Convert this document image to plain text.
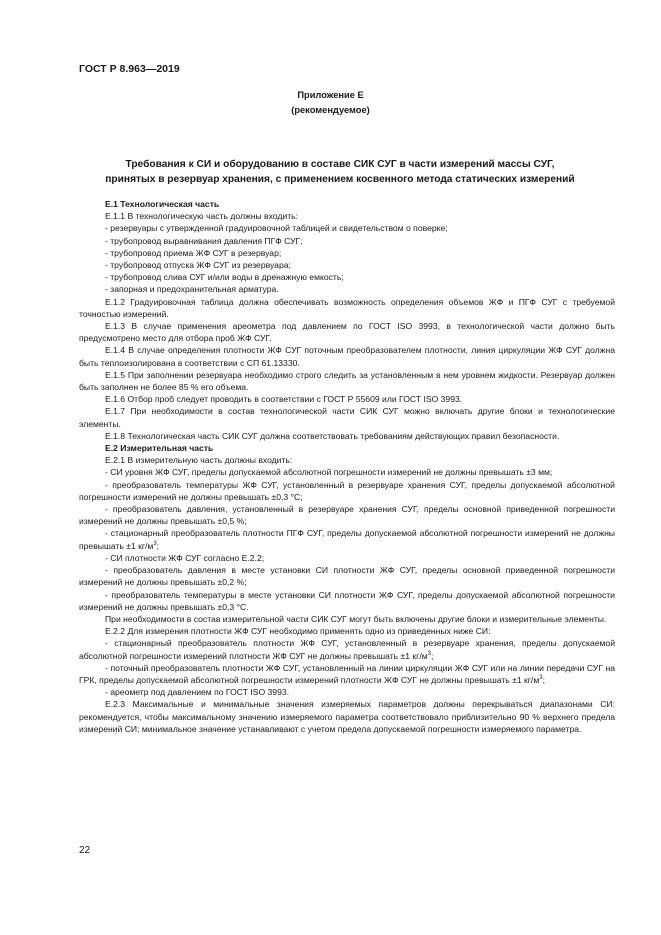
ГОСТ Р 8.963—2019
Приложение Е
(рекомендуемое)
Требования к СИ и оборудованию в составе СИК СУГ в части измерений массы СУГ,
принятых в резервуар хранения, с применением косвенного метода статических измерений

Е.1 Технологическая часть

Е.1.1 В технологическую часть должны входить:

- резервуары с утвержденной градуировочной таблицей и свидетельством о поверке;

- трубопровод выравнивания давления ПГФ СУГ;

- трубопровод приема ЖФ СУГ в резервуар;

- трубопровод отпуска ЖФ СУГ из резервуара;

- трубопровод слива СУГ и/или воды в дренажную емкость;

- запорная и предохранительная арматура.

Е.1.2 Градуировочная таблица должна обеспечивать возможность определения объемов ЖФ и ПГФ СУГ с требуемой точностью измерений.

Е.1.3 В случае применения ареометра под давлением по ГОСТ ISO 3993, в технологической части должно быть предусмотрено место для отбора проб ЖФ СУГ.

Е.1.4 В случае определения плотности ЖФ СУГ поточным преобразователем плотности, линия циркуляции ЖФ СУГ должна быть теплоизолирована в соответствии с СП 61.13330.

Е.1.5 При заполнении резервуара необходимо строго следить за установленным в нем уровнем жидкости. Резервуар должен быть заполнен не более 85 % его объема.

Е.1.6 Отбор проб следует проводить в соответствии с ГОСТ Р 55609 или ГОСТ ISO 3993.

Е.1.7 При необходимости в состав технологической части СИК СУГ можно включать другие блоки и технологические элементы.

Е.1.8 Технологическая часть СИК СУГ должна соответствовать требованиям действующих правил безопасности.

Е.2 Измерительная часть

Е.2.1 В измерительную часть должны входить:

- СИ уровня ЖФ СУГ, пределы допускаемой абсолютной погрешности измерений не должны превышать ±3 мм;

- преобразователь температуры ЖФ СУГ, установленный в резервуаре хранения СУГ, пределы допускаемой абсолютной погрешности измерений не должны превышать ±0,3 °С;

- преобразователь давления, установленный в резервуаре хранения СУГ, пределы основной приведенной погрешности измерений не должны превышать ±0,5 %;

- стационарный преобразователь плотности ПГФ СУГ, пределы допускаемой абсолютной погрешности измерений не должны превышать ±1 $кг/м^3$;

- СИ плотности ЖФ СУГ согласно Е.2.2;

- преобразователь давления в месте установки СИ плотности ЖФ СУГ, пределы основной приведенной погрешности измерений не должны превышать ±0,2 %;

- преобразователь температуры в месте установки СИ плотности ЖФ СУГ, пределы допускаемой абсолютной погрешности измерений не должны превышать ±0,3 °С.

При необходимости в состав измерительной части СИК СУГ могут быть включены другие блоки и измерительные элементы.

Е.2.2 Для измерения плотности ЖФ СУГ необходимо применять одно из приведенных ниже СИ:

- стационарный преобразователь плотности ЖФ СУГ, установленный в резервуаре хранения, пределы допускаемой абсолютной погрешности измерений плотности ЖФ СУГ не должны превышать ±1 $кг/м^3$;

- поточный преобразователь плотности ЖФ СУГ, установленный на линии циркуляции ЖФ СУГ или на линии передачи СУГ на ГРК, пределы допускаемой абсолютной погрешности измерений плотности ЖФ СУГ не должны превышать ±1 $кг/м^3$;

- ареометр под давлением по ГОСТ ISO 3993.

Е.2.3 Максимальные и минимальные значения измеряемых параметров должны перекрываться диапазонами СИ: рекомендуется, чтобы максимальному значению измеряемого параметра соответствовало приблизительно 90 % верхнего предела измерений СИ; минимальное значение устанавливают с учетом предела допускаемой погрешности измеряемого параметра.

22
